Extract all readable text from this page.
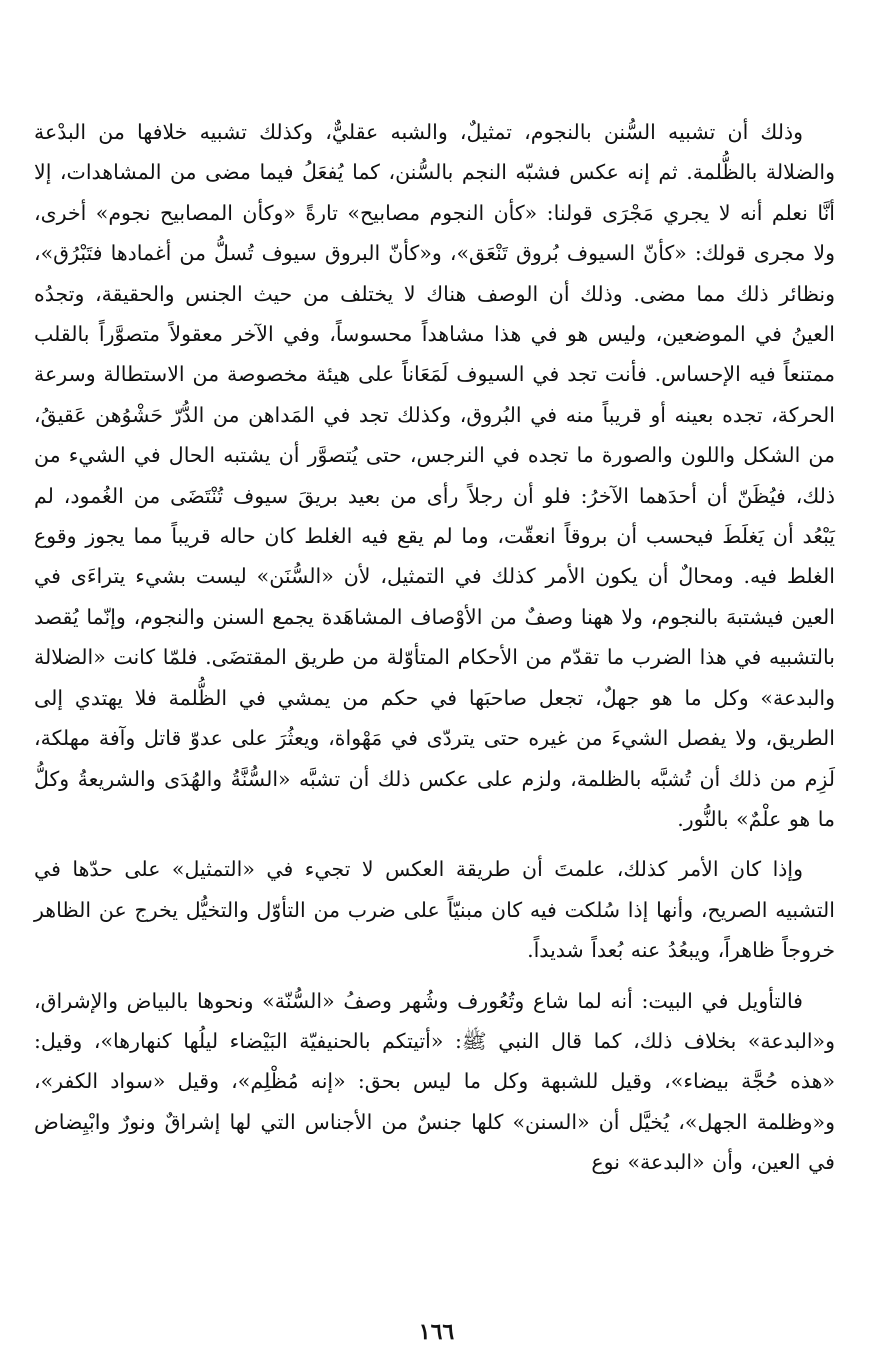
وذلك أن تشبيه السُّنن بالنجوم، تمثيلٌ، والشبه عقليٌّ، وكذلك تشبيه خلافها من البدْعة والضلالة بالظُّلمة. ثم إنه عكس فشبّه النجم بالسُّنن، كما يُفعَلُ فيما مضى من المشاهدات، إلا أنَّا نعلم أنه لا يجري مَجْرَى قولنا: «كأن النجوم مصابيح» تارةً «وكأن المصابيح نجوم» أخرى، ولا مجرى قولك: «كأنّ السيوف بُروق تَنْعَق»، و«كأنّ البروق سيوف تُسلُّ من أغمادها فتَبْرُق»، ونظائر ذلك مما مضى. وذلك أن الوصف هناك لا يختلف من حيث الجنس والحقيقة، وتجدُه العينُ في الموضعين، وليس هو في هذا مشاهداً محسوساً، وفي الآخر معقولاً متصوَّراً بالقلب ممتنعاً فيه الإحساس. فأنت تجد في السيوف لَمَعَاناً على هيئة مخصوصة من الاستطالة وسرعة الحركة، تجده بعينه أو قريباً منه في البُروق، وكذلك تجد في المَداهن من الدُّرّ حَشْوُهن عَقيقُ، من الشكل واللون والصورة ما تجده في النرجس، حتى يُتصوَّر أن يشتبه الحال في الشيء من ذلك، فيُظَنّ أن أحدَهما الآخرُ: فلو أن رجلاً رأى من بعيد بريقَ سيوف تُنْتَضَى من الغُمود، لم يَبْعُد أن يَغلَطَ فيحسب أن بروقاً انعقّت، وما لم يقع فيه الغلط كان حاله قريباً مما يجوز وقوع الغلط فيه. ومحالٌ أن يكون الأمر كذلك في التمثيل، لأن «السُّنَن» ليست بشيء يتراءَى في العين فيشتبهَ بالنجوم، ولا ههنا وصفٌ من الأوْصاف المشاهَدة يجمع السنن والنجوم، وإنّما يُقصد بالتشبيه في هذا الضرب ما تقدّم من الأحكام المتأوّلة من طريق المقتضَى. فلمّا كانت «الضلالة والبدعة» وكل ما هو جهلٌ، تجعل صاحبَها في حكم من يمشي في الظُّلمة فلا يهتدي إلى الطريق، ولا يفصل الشيءَ من غيره حتى يتردّى في مَهْواة، ويعثُرَ على عدوّ قاتل وآفة مهلكة، لَزِم من ذلك أن تُشبَّه بالظلمة، ولزم على عكس ذلك أن تشبَّه «السُّنَّةُ والهُدَى والشريعةُ وكلُّ ما هو علْمٌ» بالنُّور.

وإذا كان الأمر كذلك، علمتَ أن طريقة العكس لا تجيء في «التمثيل» على حدّها في التشبيه الصريح، وأنها إذا سُلكت فيه كان مبنيّاً على ضرب من التأوّل والتخيُّل يخرج عن الظاهر خروجاً ظاهراً، ويبعُدُ عنه بُعداً شديداً.

فالتأويل في البيت: أنه لما شاع وتُعُورف وشُهر وصفُ «السُّنّة» ونحوها بالبياض والإشراق، و«البدعة» بخلاف ذلك، كما قال النبي ﷺ: «أتيتكم بالحنيفيّة البَيْضاء ليلُها كنهارها»، وقيل: «هذه حُجَّة بيضاء»، وقيل للشبهة وكل ما ليس بحق: «إنه مُظْلِم»، وقيل «سواد الكفر»، و«وظلمة الجهل»، يُخيَّل أن «السنن» كلها جنسٌ من الأجناس التي لها إشراقٌ ونورٌ وابْيِضاض في العين، وأن «البدعة» نوع

١٦٦
